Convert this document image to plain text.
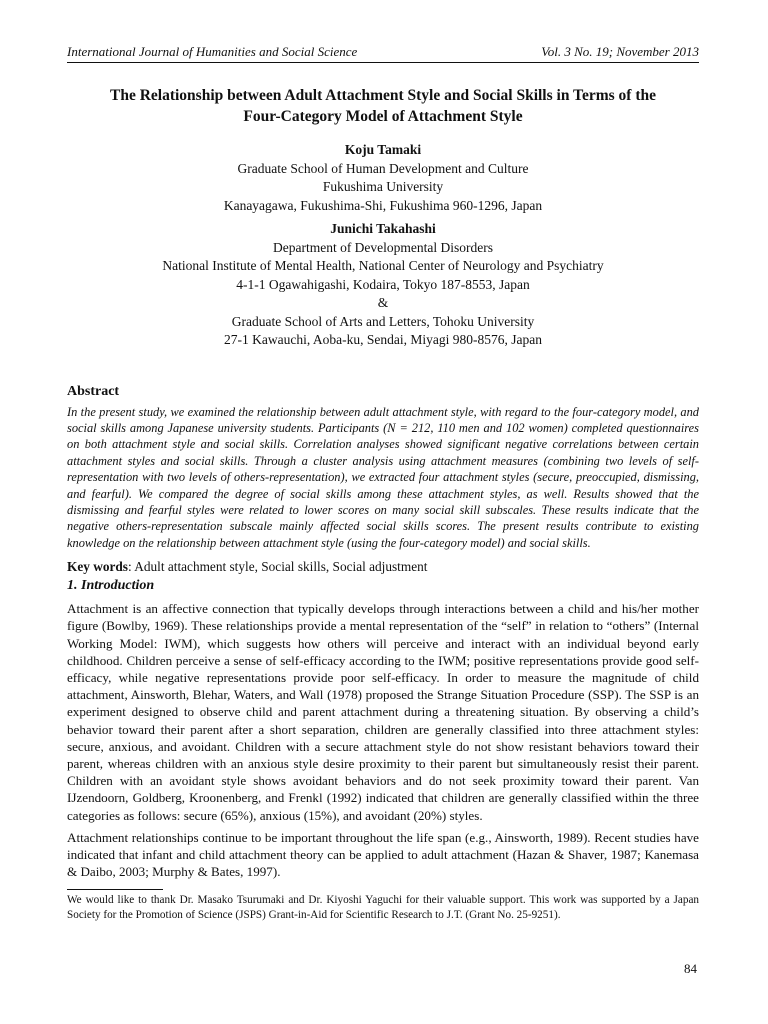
International Journal of Humanities and Social Science	Vol. 3 No. 19; November 2013
The Relationship between Adult Attachment Style and Social Skills in Terms of the
Four-Category Model of Attachment Style
Koju Tamaki
Graduate School of Human Development and Culture
Fukushima University
Kanayagawa, Fukushima-Shi, Fukushima 960-1296, Japan
Junichi Takahashi
Department of Developmental Disorders
National Institute of Mental Health, National Center of Neurology and Psychiatry
4-1-1 Ogawahigashi, Kodaira, Tokyo 187-8553, Japan
&
Graduate School of Arts and Letters, Tohoku University
27-1 Kawauchi, Aoba-ku, Sendai, Miyagi 980-8576, Japan
Abstract
In the present study, we examined the relationship between adult attachment style, with regard to the four-category model, and social skills among Japanese university students. Participants (N = 212, 110 men and 102 women) completed questionnaires on both attachment style and social skills. Correlation analyses showed significant negative correlations between certain attachment styles and social skills. Through a cluster analysis using attachment measures (combining two levels of self-representation with two levels of others-representation), we extracted four attachment styles (secure, preoccupied, dismissing, and fearful). We compared the degree of social skills among these attachment styles, as well. Results showed that the dismissing and fearful styles were related to lower scores on many social skill subscales. These results indicate that the negative others-representation subscale mainly affected social skills scores. The present results contribute to existing knowledge on the relationship between attachment style (using the four-category model) and social skills.
Key words: Adult attachment style, Social skills, Social adjustment
1. Introduction
Attachment is an affective connection that typically develops through interactions between a child and his/her mother figure (Bowlby, 1969). These relationships provide a mental representation of the “self” in relation to “others” (Internal Working Model: IWM), which suggests how others will perceive and interact with an individual beyond early childhood. Children perceive a sense of self-efficacy according to the IWM; positive representations provide good self-efficacy, while negative representations provide poor self-efficacy. In order to measure the magnitude of child attachment, Ainsworth, Blehar, Waters, and Wall (1978) proposed the Strange Situation Procedure (SSP). The SSP is an experiment designed to observe child and parent attachment during a threatening situation. By observing a child’s behavior toward their parent after a short separation, children are generally classified into three attachment styles: secure, anxious, and avoidant. Children with a secure attachment style do not show resistant behaviors toward their parent, whereas children with an anxious style desire proximity to their parent but simultaneously resist their parent. Children with an avoidant style shows avoidant behaviors and do not seek proximity toward their parent. Van IJzendoorn, Goldberg, Kroonenberg, and Frenkl (1992) indicated that children are generally classified within the three categories as follows: secure (65%), anxious (15%), and avoidant (20%) styles.
Attachment relationships continue to be important throughout the life span (e.g., Ainsworth, 1989). Recent studies have indicated that infant and child attachment theory can be applied to adult attachment (Hazan & Shaver, 1987; Kanemasa & Daibo, 2003; Murphy & Bates, 1997).
We would like to thank Dr. Masako Tsurumaki and Dr. Kiyoshi Yaguchi for their valuable support. This work was supported by a Japan Society for the Promotion of Science (JSPS) Grant-in-Aid for Scientific Research to J.T. (Grant No. 25-9251).
84
